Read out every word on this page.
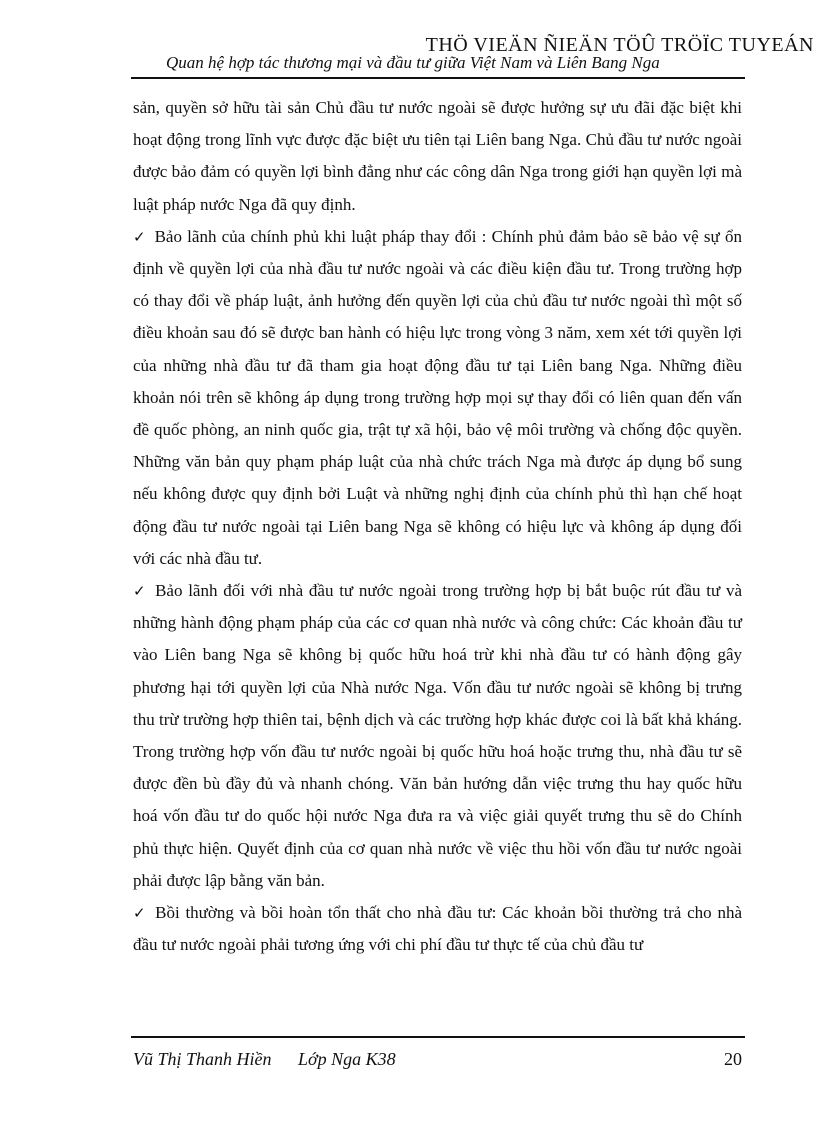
THÖ VIEÄN ÑIEÄN TÖÛ TRÖÏC TUYEÁN
Quan hệ hợp tác thương mại và đầu tư giữa Việt Nam và Liên Bang Nga

sản, quyền sở hữu tài sản Chủ đầu tư nước ngoài sẽ được hưởng sự ưu đãi đặc biệt khi hoạt động trong lĩnh vực được đặc biệt ưu tiên tại Liên bang Nga. Chủ đầu tư nước ngoài được bảo đảm có quyền lợi bình đẳng như các công dân Nga trong giới hạn quyền lợi mà luật pháp nước Nga đã quy định.

✓ Bảo lãnh của chính phủ khi luật pháp thay đổi : Chính phủ đảm bảo sẽ bảo vệ sự ổn định về quyền lợi của nhà đầu tư nước ngoài và các điều kiện đầu tư. Trong trường hợp có thay đổi về pháp luật, ảnh hưởng đến quyền lợi của chủ đầu tư nước ngoài thì một số điều khoản sau đó sẽ được ban hành có hiệu lực trong vòng 3 năm, xem xét tới quyền lợi của những nhà đầu tư đã tham gia hoạt động đầu tư tại Liên bang Nga. Những điều khoản nói trên sẽ không áp dụng trong trường hợp mọi sự thay đổi có liên quan đến vấn đề quốc phòng, an ninh quốc gia, trật tự xã hội, bảo vệ môi trường và chống độc quyền. Những văn bản quy phạm pháp luật của nhà chức trách Nga mà được áp dụng bổ sung nếu không được quy định bởi Luật và những nghị định của chính phủ thì hạn chế hoạt động đầu tư nước ngoài tại Liên bang Nga sẽ không có hiệu lực và không áp dụng đối với các nhà đầu tư.

✓ Bảo lãnh đối với nhà đầu tư nước ngoài trong trường hợp bị bắt buộc rút đầu tư và những hành động phạm pháp của các cơ quan nhà nước và công chức: Các khoản đầu tư vào Liên bang Nga sẽ không bị quốc hữu hoá trừ khi nhà đầu tư có hành động gây phương hại tới quyền lợi của Nhà nước Nga. Vốn đầu tư nước ngoài sẽ không bị trưng thu trừ trường hợp thiên tai, bệnh dịch và các trường hợp khác được coi là bất khả kháng. Trong trường hợp vốn đầu tư nước ngoài bị quốc hữu hoá hoặc trưng thu, nhà đầu tư sẽ được đền bù đầy đủ và nhanh chóng. Văn bản hướng dẫn việc trưng thu hay quốc hữu hoá vốn đầu tư do quốc hội nước Nga đưa ra và việc giải quyết trưng thu sẽ do Chính phủ thực hiện. Quyết định của cơ quan nhà nước về việc thu hồi vốn đầu tư nước ngoài phải được lập bằng văn bản.

✓ Bồi thường và bồi hoàn tổn thất cho nhà đầu tư: Các khoản bồi thường trả cho nhà đầu tư nước ngoài phải tương ứng với chi phí đầu tư thực tế của chủ đầu tư

Vũ Thị Thanh Hiền Lớp Nga K38	20
